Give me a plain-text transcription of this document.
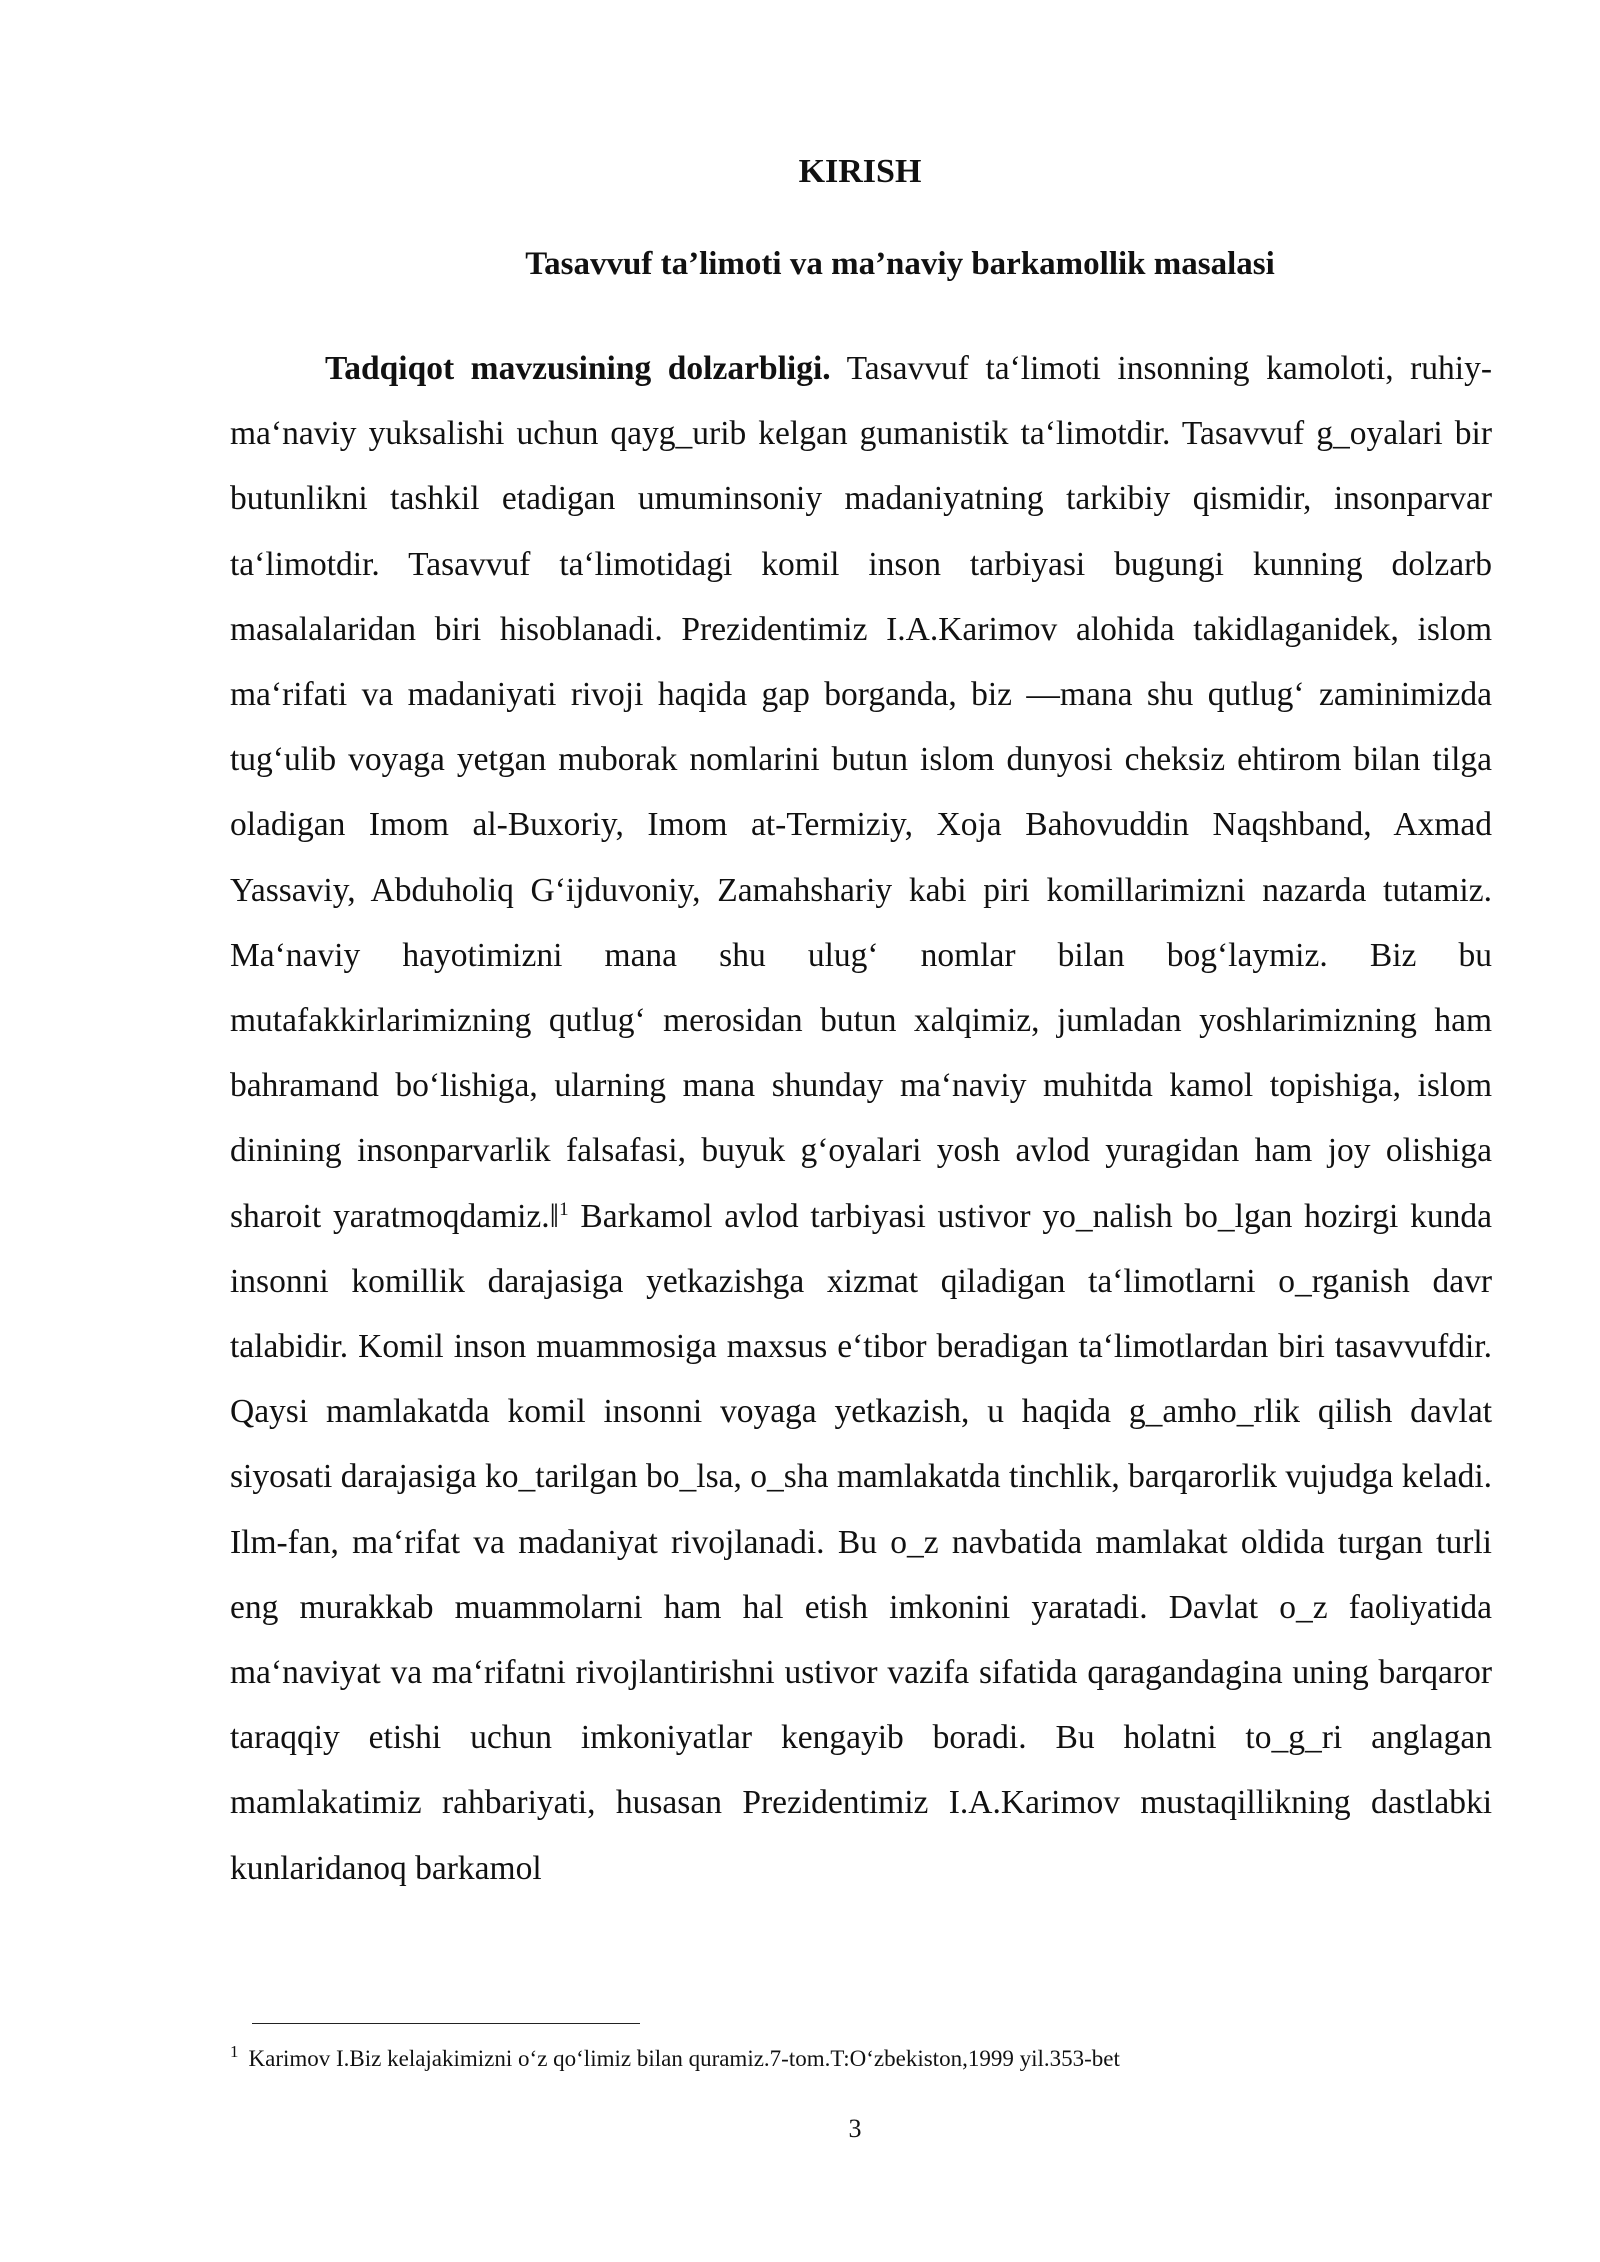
KIRISH
Tasavvuf ta’limoti va ma’naviy barkamollik masalasi

Tadqiqot mavzusining dolzarbligi. Tasavvuf ta‘limoti insonning kamoloti, ruhiy-ma‘naviy yuksalishi uchun qayg_urib kelgan gumanistik ta‘limotdir. Tasavvuf g_oyalari bir butunlikni tashkil etadigan umuminsoniy madaniyatning tarkibiy qismidir, insonparvar ta‘limotdir. Tasavvuf ta‘limotidagi komil inson tarbiyasi bugungi kunning dolzarb masalalaridan biri hisoblanadi. Prezidentimiz I.A.Karimov alohida takidlaganidek, islom ma‘rifati va madaniyati rivoji haqida gap borganda, biz ―mana shu qutlug‘ zaminimizda tug‘ulib voyaga yetgan muborak nomlarini butun islom dunyosi cheksiz ehtirom bilan tilga oladigan Imom al-Buxoriy, Imom at-Termiziy, Xoja Bahovuddin Naqshband, Axmad Yassaviy, Abduholiq G‘ijduvoniy, Zamahshariy kabi piri komillarimizni nazarda tutamiz. Ma‘naviy hayotimizni mana shu ulug‘ nomlar bilan bog‘laymiz. Biz bu mutafakkirlarimizning qutlug‘ merosidan butun xalqimiz, jumladan yoshlarimizning ham bahramand bo‘lishiga, ularning mana shunday ma‘naviy muhitda kamol topishiga, islom dinining insonparvarlik falsafasi, buyuk g‘oyalari yosh avlod yuragidan ham joy olishiga sharoit yaratmoqdamiz.‖$^1$ Barkamol avlod tarbiyasi ustivor yo_nalish bo_lgan hozirgi kunda insonni komillik darajasiga yetkazishga xizmat qiladigan ta‘limotlarni o_rganish davr talabidir. Komil inson muammosiga maxsus e‘tibor beradigan ta‘limotlardan biri tasavvufdir. Qaysi mamlakatda komil insonni voyaga yetkazish, u haqida g_amho_rlik qilish davlat siyosati darajasiga ko_tarilgan bo_lsa, o_sha mamlakatda tinchlik, barqarorlik vujudga keladi. Ilm-fan, ma‘rifat va madaniyat rivojlanadi. Bu o_z navbatida mamlakat oldida turgan turli eng murakkab muammolarni ham hal etish imkonini yaratadi. Davlat o_z faoliyatida ma‘naviyat va ma‘rifatni rivojlantirishni ustivor vazifa sifatida qaragandagina uning barqaror taraqqiy etishi uchun imkoniyatlar kengayib boradi. Bu holatni to_g_ri anglagan mamlakatimiz rahbariyati, husasan Prezidentimiz I.A.Karimov mustaqillikning dastlabki kunlaridanoq barkamol

$^1$ Karimov I.Biz kelajakimizni o‘z qo‘limiz bilan quramiz.7-tom.T:O‘zbekiston,1999 yil.353-bet

3
